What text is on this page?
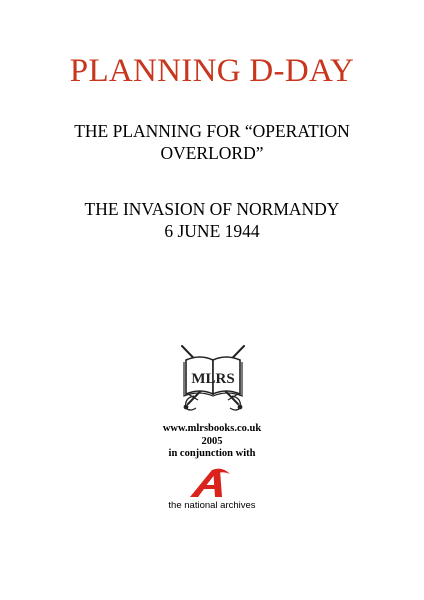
PLANNING D-DAY
THE PLANNING FOR “OPERATION
OVERLORD”
THE INVASION OF NORMANDY
6 JUNE 1944
MLRS
www.mlrsbooks.co.uk
2005
in conjunction with
the national archives
